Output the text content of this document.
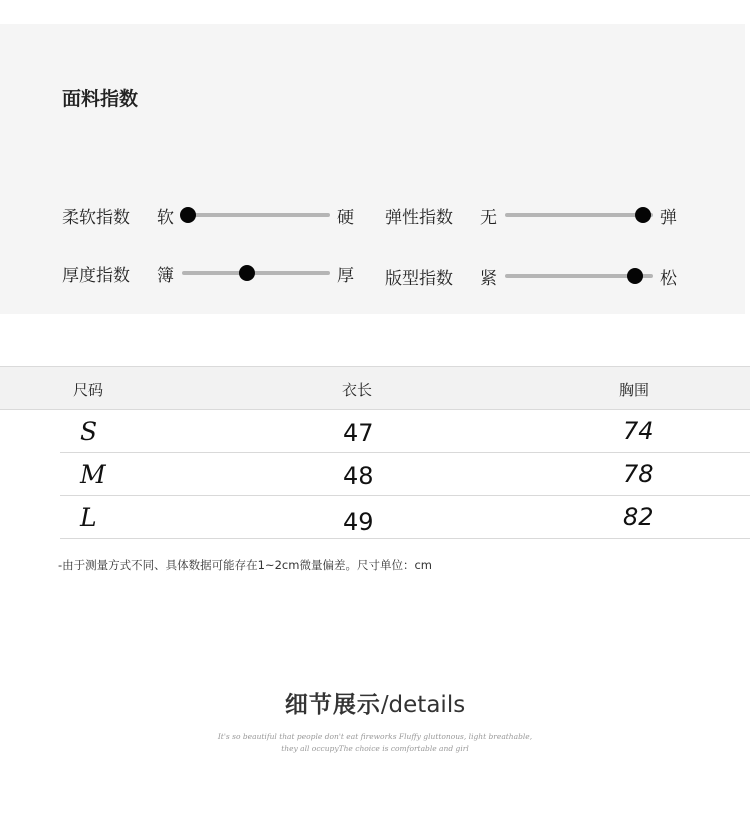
面料指数
柔软指数 软	硬 弹性指数 无	弹
厚度指数 簿	厚 版型指数 紧	松
尺码	衣长	胸围
S	47	74
M	48	78
L	49	82
-由于测量方式不同、具体数据可能存在1~2cm微量偏差。尺寸单位：cm
细节展示/details
It's so beautiful that people don't eat fireworks Fluffy gluttonous, light breathable,
they all occupyThe choice is comfortable and girl
